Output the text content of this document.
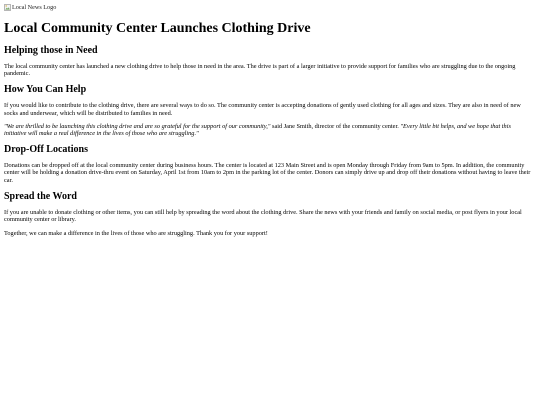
Local News Logo
Local Community Center Launches Clothing Drive
Helping those in Need

The local community center has launched a new clothing drive to help those in need in the area. The drive is part of a larger initiative to provide support for families who are struggling due to the ongoing pandemic.

How You Can Help

If you would like to contribute to the clothing drive, there are several ways to do so. The community center is accepting donations of gently used clothing for all ages and sizes. They are also in need of new socks and underwear, which will be distributed to families in need.

"We are thrilled to be launching this clothing drive and are so grateful for the support of our community," said Jane Smith, director of the community center. "Every little bit helps, and we hope that this initiative will make a real difference in the lives of those who are struggling."

Drop-Off Locations

Donations can be dropped off at the local community center during business hours. The center is located at 123 Main Street and is open Monday through Friday from 9am to 5pm. In addition, the community center will be holding a donation drive-thru event on Saturday, April 1st from 10am to 2pm in the parking lot of the center. Donors can simply drive up and drop off their donations without having to leave their car.

Spread the Word

If you are unable to donate clothing or other items, you can still help by spreading the word about the clothing drive. Share the news with your friends and family on social media, or post flyers in your local community center or library.

Together, we can make a difference in the lives of those who are struggling. Thank you for your support!
